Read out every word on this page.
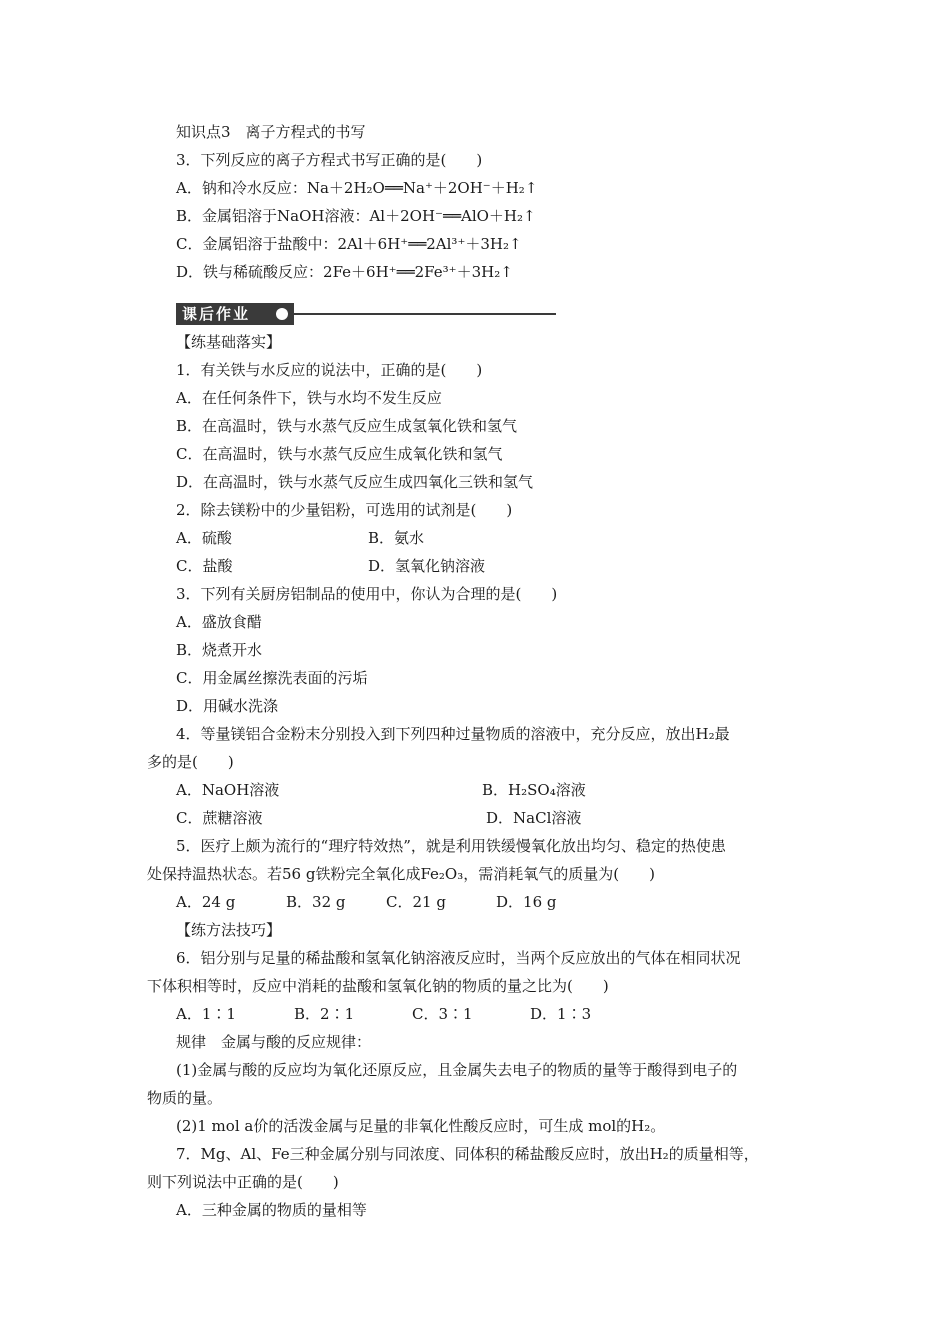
知识点3　离子方程式的书写
3．下列反应的离子方程式书写正确的是(　　)
A．钠和冷水反应：Na＋2H₂O══Na⁺＋2OH⁻＋H₂↑
B．金属铝溶于NaOH溶液：Al＋2OH⁻══AlO＋H₂↑
C．金属铝溶于盐酸中：2Al＋6H⁺══2Al³⁺＋3H₂↑
D．铁与稀硫酸反应：2Fe＋6H⁺══2Fe³⁺＋3H₂↑
课后作业
【练基础落实】
1．有关铁与水反应的说法中，正确的是(　　)
A．在任何条件下，铁与水均不发生反应
B．在高温时，铁与水蒸气反应生成氢氧化铁和氢气
C．在高温时，铁与水蒸气反应生成氧化铁和氢气
D．在高温时，铁与水蒸气反应生成四氧化三铁和氢气
2．除去镁粉中的少量铝粉，可选用的试剂是(　　)
A．硫酸	B．氨水
C．盐酸	D．氢氧化钠溶液
3．下列有关厨房铝制品的使用中，你认为合理的是(　　)
A．盛放食醋
B．烧煮开水
C．用金属丝擦洗表面的污垢
D．用碱水洗涤
4．等量镁铝合金粉末分别投入到下列四种过量物质的溶液中，充分反应，放出H₂最
多的是(　　)
A．NaOH溶液	B．H₂SO₄溶液
C．蔗糖溶液	D．NaCl溶液
5．医疗上颇为流行的“理疗特效热”，就是利用铁缓慢氧化放出均匀、稳定的热使患
处保持温热状态。若56 g铁粉完全氧化成Fe₂O₃，需消耗氧气的质量为(　　)
A．24 g	B．32 g	C．21 g	D．16 g
【练方法技巧】
6．铝分别与足量的稀盐酸和氢氧化钠溶液反应时，当两个反应放出的气体在相同状况
下体积相等时，反应中消耗的盐酸和氢氧化钠的物质的量之比为(　　)
A．1∶1	B．2∶1	C．3∶1	D．1∶3
规律　金属与酸的反应规律：
(1)金属与酸的反应均为氧化还原反应，且金属失去电子的物质的量等于酸得到电子的
物质的量。
(2)1 mol a价的活泼金属与足量的非氧化性酸反应时，可生成 mol的H₂。
7．Mg、Al、Fe三种金属分别与同浓度、同体积的稀盐酸反应时，放出H₂的质量相等，
则下列说法中正确的是(　　)
A．三种金属的物质的量相等
